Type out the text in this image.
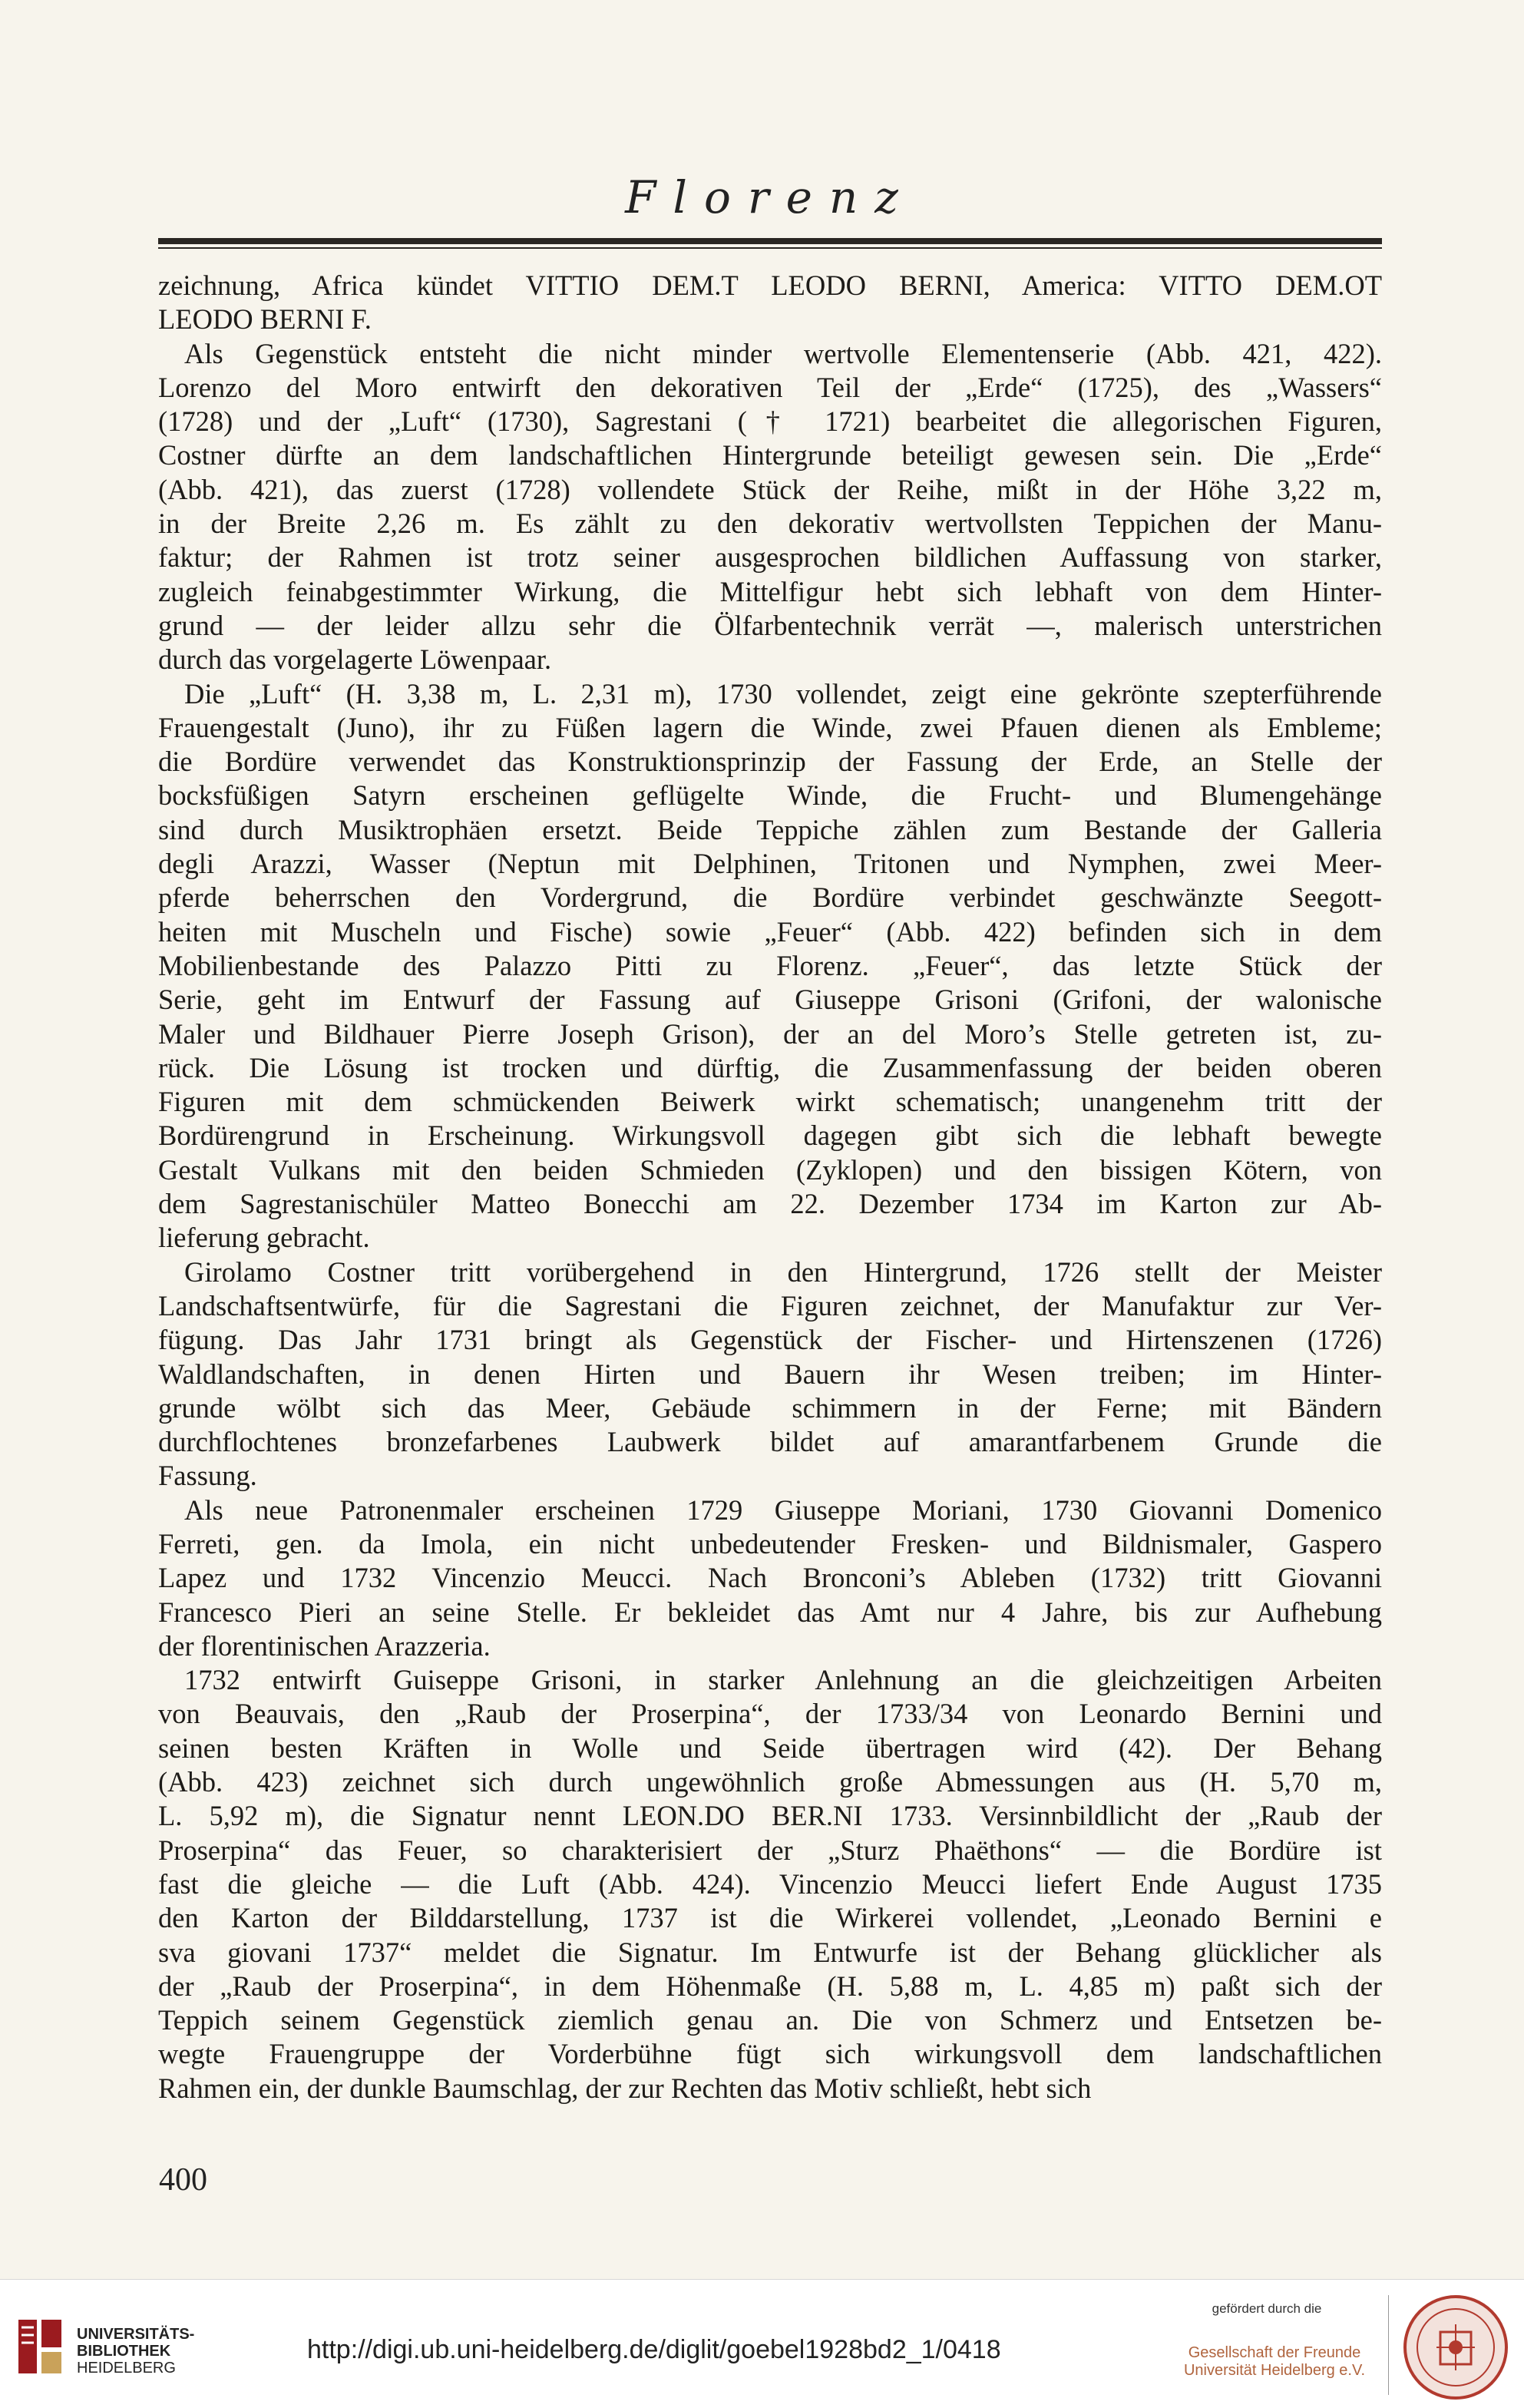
Florenz
zeichnung, Africa kündet VITTIO DEM.T LEODO BERNI, America: VITTO DEM.OT
LEODO BERNI F.
Als Gegenstück entsteht die nicht minder wertvolle Elementenserie (Abb. 421, 422).
Lorenzo del Moro entwirft den dekorativen Teil der „Erde“ (1725), des „Wassers“
(1728) und der „Luft“ (1730), Sagrestani († 1721) bearbeitet die allegorischen Figuren,
Costner dürfte an dem landschaftlichen Hintergrunde beteiligt gewesen sein. Die „Erde“
(Abb. 421), das zuerst (1728) vollendete Stück der Reihe, mißt in der Höhe 3,22 m,
in der Breite 2,26 m. Es zählt zu den dekorativ wertvollsten Teppichen der Manu-
faktur; der Rahmen ist trotz seiner ausgesprochen bildlichen Auffassung von starker,
zugleich feinabgestimmter Wirkung, die Mittelfigur hebt sich lebhaft von dem Hinter-
grund — der leider allzu sehr die Ölfarbentechnik verrät —, malerisch unterstrichen
durch das vorgelagerte Löwenpaar.
Die „Luft“ (H. 3,38 m, L. 2,31 m), 1730 vollendet, zeigt eine gekrönte szepterführende
Frauengestalt (Juno), ihr zu Füßen lagern die Winde, zwei Pfauen dienen als Embleme;
die Bordüre verwendet das Konstruktionsprinzip der Fassung der Erde, an Stelle der
bocksfüßigen Satyrn erscheinen geflügelte Winde, die Frucht- und Blumengehänge
sind durch Musiktrophäen ersetzt. Beide Teppiche zählen zum Bestande der Galleria
degli Arazzi, Wasser (Neptun mit Delphinen, Tritonen und Nymphen, zwei Meer-
pferde beherrschen den Vordergrund, die Bordüre verbindet geschwänzte Seegott-
heiten mit Muscheln und Fische) sowie „Feuer“ (Abb. 422) befinden sich in dem
Mobilienbestande des Palazzo Pitti zu Florenz. „Feuer“, das letzte Stück der
Serie, geht im Entwurf der Fassung auf Giuseppe Grisoni (Grifoni, der walonische
Maler und Bildhauer Pierre Joseph Grison), der an del Moro’s Stelle getreten ist, zu-
rück. Die Lösung ist trocken und dürftig, die Zusammenfassung der beiden oberen
Figuren mit dem schmückenden Beiwerk wirkt schematisch; unangenehm tritt der
Bordürengrund in Erscheinung. Wirkungsvoll dagegen gibt sich die lebhaft bewegte
Gestalt Vulkans mit den beiden Schmieden (Zyklopen) und den bissigen Kötern, von
dem Sagrestanischüler Matteo Bonecchi am 22. Dezember 1734 im Karton zur Ab-
lieferung gebracht.
Girolamo Costner tritt vorübergehend in den Hintergrund, 1726 stellt der Meister
Landschaftsentwürfe, für die Sagrestani die Figuren zeichnet, der Manufaktur zur Ver-
fügung. Das Jahr 1731 bringt als Gegenstück der Fischer- und Hirtenszenen (1726)
Waldlandschaften, in denen Hirten und Bauern ihr Wesen treiben; im Hinter-
grunde wölbt sich das Meer, Gebäude schimmern in der Ferne; mit Bändern
durchflochtenes bronzefarbenes Laubwerk bildet auf amarantfarbenem Grunde die
Fassung.
Als neue Patronenmaler erscheinen 1729 Giuseppe Moriani, 1730 Giovanni Domenico
Ferreti, gen. da Imola, ein nicht unbedeutender Fresken- und Bildnismaler, Gaspero
Lapez und 1732 Vincenzio Meucci. Nach Bronconi’s Ableben (1732) tritt Giovanni
Francesco Pieri an seine Stelle. Er bekleidet das Amt nur 4 Jahre, bis zur Aufhebung
der florentinischen Arazzeria.
1732 entwirft Guiseppe Grisoni, in starker Anlehnung an die gleichzeitigen Arbeiten
von Beauvais, den „Raub der Proserpina“, der 1733/34 von Leonardo Bernini und
seinen besten Kräften in Wolle und Seide übertragen wird (42). Der Behang
(Abb. 423) zeichnet sich durch ungewöhnlich große Abmessungen aus (H. 5,70 m,
L. 5,92 m), die Signatur nennt LEON.DO BER.NI 1733. Versinnbildlicht der „Raub der
Proserpina“ das Feuer, so charakterisiert der „Sturz Phaëthons“ — die Bordüre ist
fast die gleiche — die Luft (Abb. 424). Vincenzio Meucci liefert Ende August 1735
den Karton der Bilddarstellung, 1737 ist die Wirkerei vollendet, „Leonado Bernini e
sva giovani 1737“ meldet die Signatur. Im Entwurfe ist der Behang glücklicher als
der „Raub der Proserpina“, in dem Höhenmaße (H. 5,88 m, L. 4,85 m) paßt sich der
Teppich seinem Gegenstück ziemlich genau an. Die von Schmerz und Entsetzen be-
wegte Frauengruppe der Vorderbühne fügt sich wirkungsvoll dem landschaftlichen
Rahmen ein, der dunkle Baumschlag, der zur Rechten das Motiv schließt, hebt sich
400
UNIVERSITÄTS-
BIBLIOTHEK
HEIDELBERG
http://digi.ub.uni-heidelberg.de/diglit/goebel1928bd2_1/0418
gefördert durch die
Gesellschaft der Freunde
Universität Heidelberg e.V.
